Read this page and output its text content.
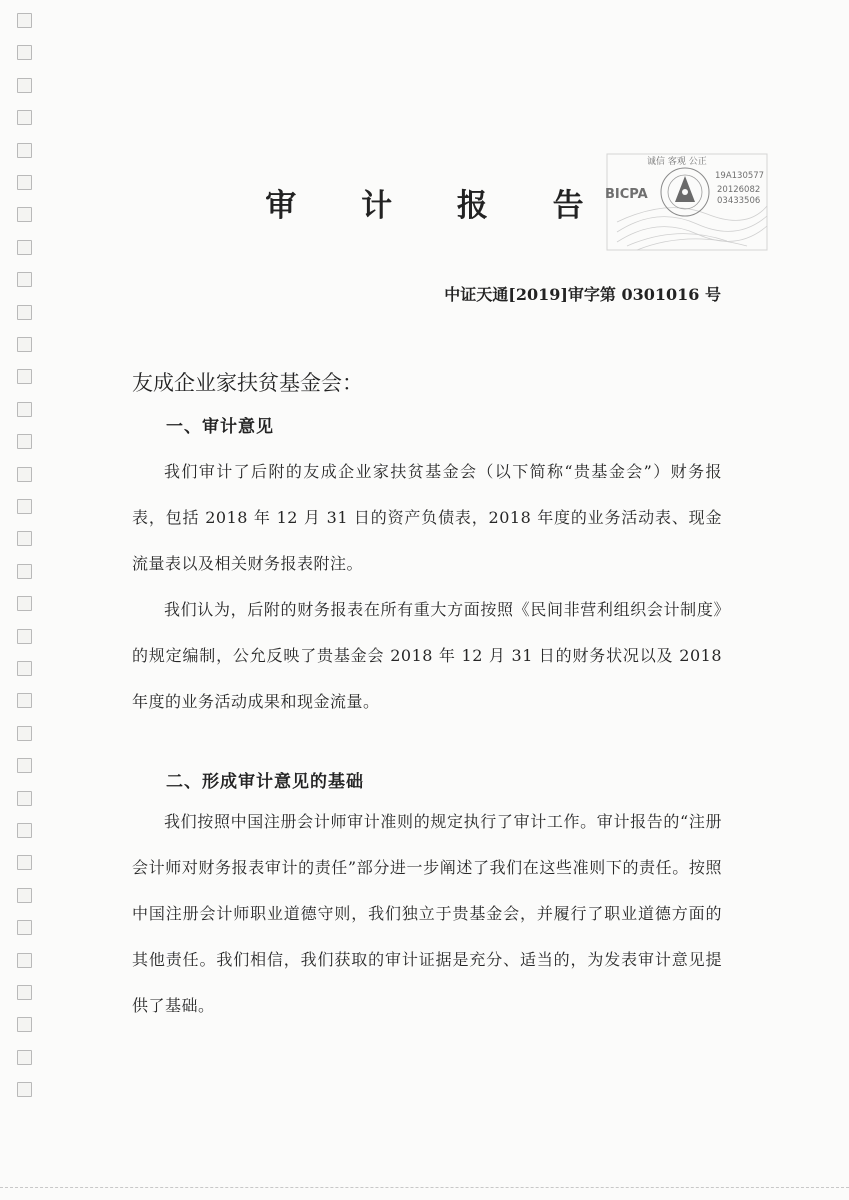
审 计 报 告
诚信 客观 公正
BICPA
19A130577
20126082
03433506
中证天通[2019]审字第 0301016 号
友成企业家扶贫基金会：
一、审计意见
我们审计了后附的友成企业家扶贫基金会（以下简称“贵基金会”）财务报表，包括 2018 年 12 月 31 日的资产负债表，2018 年度的业务活动表、现金流量表以及相关财务报表附注。
我们认为，后附的财务报表在所有重大方面按照《民间非营利组织会计制度》的规定编制，公允反映了贵基金会 2018 年 12 月 31 日的财务状况以及 2018 年度的业务活动成果和现金流量。
二、形成审计意见的基础
我们按照中国注册会计师审计准则的规定执行了审计工作。审计报告的“注册会计师对财务报表审计的责任”部分进一步阐述了我们在这些准则下的责任。按照中国注册会计师职业道德守则，我们独立于贵基金会，并履行了职业道德方面的其他责任。我们相信，我们获取的审计证据是充分、适当的，为发表审计意见提供了基础。
